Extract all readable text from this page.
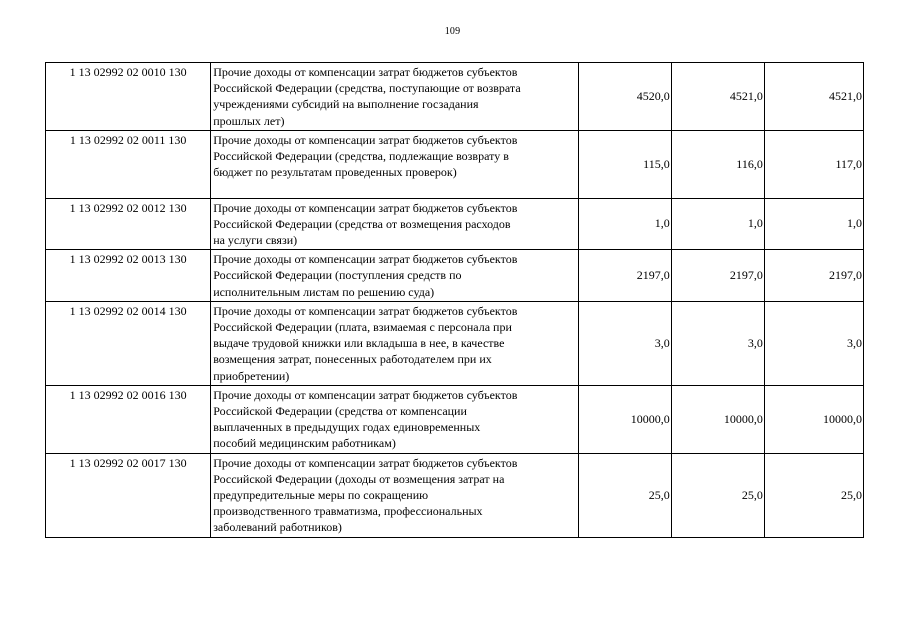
109
1 13 02992 02 0010 130	Прочие доходы от компенсации затрат бюджетов субъектов
Российской Федерации (средства, поступающие от возврата
учреждениями субсидий на выполнение госзадания
прошлых лет)	4520,0	4521,0	4521,0
1 13 02992 02 0011 130	Прочие доходы от компенсации затрат бюджетов субъектов
Российской Федерации (средства, подлежащие возврату в
бюджет по результатам проведенных проверок)	115,0	116,0	117,0
1 13 02992 02 0012 130	Прочие доходы от компенсации затрат бюджетов субъектов
Российской Федерации (средства от возмещения расходов
на услуги связи)	1,0	1,0	1,0
1 13 02992 02 0013 130	Прочие доходы от компенсации затрат бюджетов субъектов
Российской Федерации (поступления средств по
исполнительным листам по решению суда)	2197,0	2197,0	2197,0
1 13 02992 02 0014 130	Прочие доходы от компенсации затрат бюджетов субъектов
Российской Федерации (плата, взимаемая с персонала при
выдаче трудовой книжки или вкладыша в нее, в качестве
возмещения затрат, понесенных работодателем при их
приобретении)	3,0	3,0	3,0
1 13 02992 02 0016 130	Прочие доходы от компенсации затрат бюджетов субъектов
Российской Федерации (средства от компенсации
выплаченных в предыдущих годах единовременных
пособий медицинским работникам)	10000,0	10000,0	10000,0
1 13 02992 02 0017 130	Прочие доходы от компенсации затрат бюджетов субъектов
Российской Федерации (доходы от возмещения затрат на
предупредительные меры по сокращению
производственного травматизма, профессиональных
заболеваний работников)	25,0	25,0	25,0
